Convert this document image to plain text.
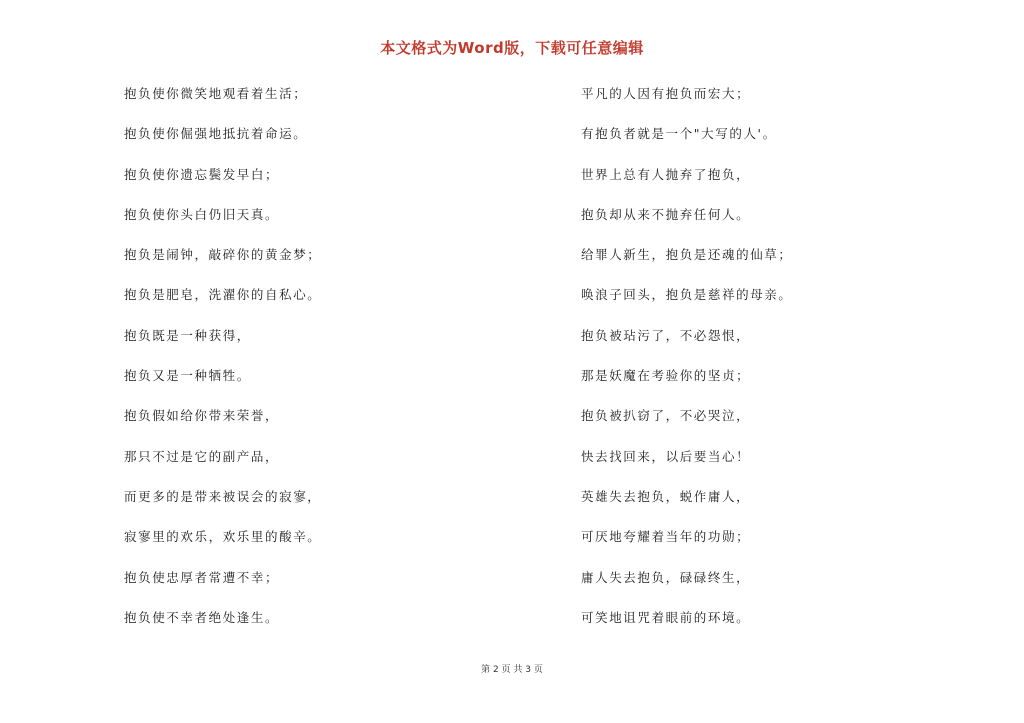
本文格式为Word版，下载可任意编辑
抱负使你微笑地观看着生活；
抱负使你倔强地抵抗着命运。
抱负使你遗忘鬓发早白；
抱负使你头白仍旧天真。
抱负是闹钟，敲碎你的黄金梦；
抱负是肥皂，洗濯你的自私心。
抱负既是一种获得，
抱负又是一种牺牲。
抱负假如给你带来荣誉，
那只不过是它的副产品，
而更多的是带来被误会的寂寥，
寂寥里的欢乐，欢乐里的酸辛。
抱负使忠厚者常遭不幸；
抱负使不幸者绝处逢生。
平凡的人因有抱负而宏大；
有抱负者就是一个"大写的人'。
世界上总有人抛弃了抱负，
抱负却从来不抛弃任何人。
给罪人新生，抱负是还魂的仙草；
唤浪子回头，抱负是慈祥的母亲。
抱负被玷污了，不必怨恨，
那是妖魔在考验你的坚贞；
抱负被扒窃了，不必哭泣，
快去找回来，以后要当心！
英雄失去抱负，蜕作庸人，
可厌地夸耀着当年的功勋；
庸人失去抱负，碌碌终生，
可笑地诅咒着眼前的环境。
第 2 页 共 3 页
